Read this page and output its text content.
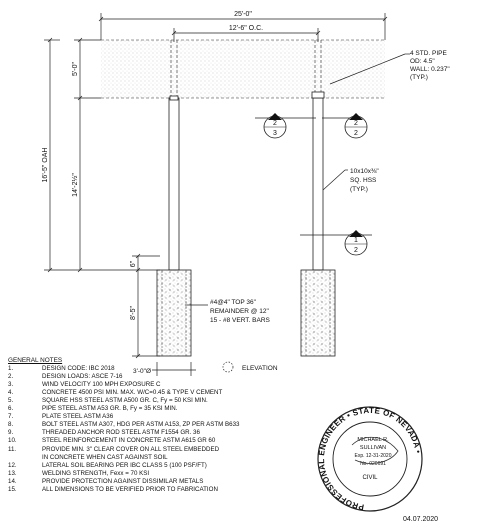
25'-0"
12'-6" O.C.
5'-0"
16'-5" OAH
14'-2½"
6"
8'-5"
3'-0"Ø
4 STD. PIPE OD: 4.5" WALL: 0.237" (TYP.)
10x10x⅜" SQ. HSS (TYP.)
#4@4" TOP 36" REMAINDER @ 12" 15 - #8 VERT. BARS
2
3
2
2
1
2
ELEVATION
GENERAL NOTES
1.	DESIGN CODE: IBC 2018
2.	DESIGN LOADS: ASCE 7-16
3.	WIND VELOCITY 100 MPH EXPOSURE C
4.	CONCRETE 4500 PSI MIN. MAX. W/C=0.45 & TYPE V CEMENT
5.	SQUARE HSS STEEL ASTM A500 GR. C, Fy = 50 KSI MIN.
6.	PIPE STEEL ASTM A53 GR. B, Fy = 35 KSI MIN.
7.	PLATE STEEL ASTM A36
8.	BOLT STEEL ASTM A307, HDG PER ASTM A153, ZP PER ASTM B633
9.	THREADED ANCHOR ROD STEEL ASTM F1554 GR. 36
10.	STEEL REINFORCEMENT IN CONCRETE ASTM A615 GR 60
11.	PROVIDE MIN. 3" CLEAR COVER ON ALL STEEL EMBEDDED
IN CONCRETE WHEN CAST AGAINST SOIL
12.	LATERAL SOIL BEARING PER IBC CLASS 5 (100 PSF/FT)
13.	WELDING STRENGTH, Fexx = 70 KSI
14.	PROVIDE PROTECTION AGAINST DISSIMILAR METALS
15.	ALL DIMENSIONS TO BE VERIFIED PRIOR TO FABRICATION
PROFESSIONAL ENGINEER • STATE OF NEVADA •
MICHAEL R.
SULLIVAN
Exp. 12-31-2020
No. 020691
CIVIL
04.07.2020
